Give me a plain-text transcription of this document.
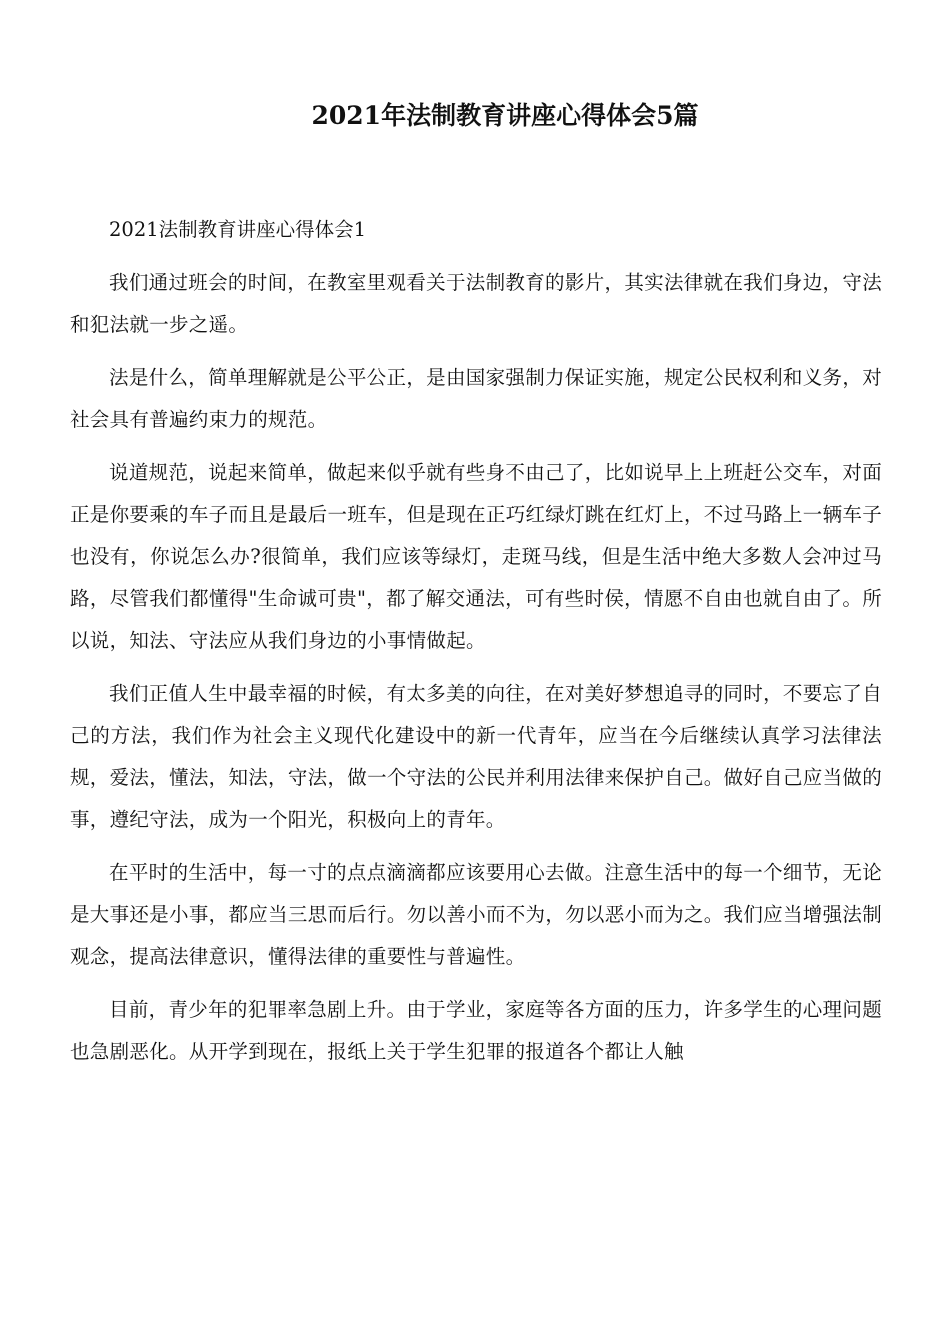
2021年法制教育讲座心得体会5篇

2021法制教育讲座心得体会1

我们通过班会的时间，在教室里观看关于法制教育的影片，其实法律就在我们身边，守法和犯法就一步之遥。

法是什么，简单理解就是公平公正，是由国家强制力保证实施，规定公民权利和义务，对社会具有普遍约束力的规范。

说道规范，说起来简单，做起来似乎就有些身不由己了，比如说早上上班赶公交车，对面正是你要乘的车子而且是最后一班车，但是现在正巧红绿灯跳在红灯上，不过马路上一辆车子也没有，你说怎么办?很简单，我们应该等绿灯，走斑马线，但是生活中绝大多数人会冲过马路，尽管我们都懂得"生命诚可贵"，都了解交通法，可有些时侯，情愿不自由也就自由了。所以说，知法、守法应从我们身边的小事情做起。

我们正值人生中最幸福的时候，有太多美的向往，在对美好梦想追寻的同时，不要忘了自己的方法，我们作为社会主义现代化建设中的新一代青年，应当在今后继续认真学习法律法规，爱法，懂法，知法，守法，做一个守法的公民并利用法律来保护自己。做好自己应当做的事，遵纪守法，成为一个阳光，积极向上的青年。

在平时的生活中，每一寸的点点滴滴都应该要用心去做。注意生活中的每一个细节，无论是大事还是小事，都应当三思而后行。勿以善小而不为，勿以恶小而为之。我们应当增强法制观念，提高法律意识，懂得法律的重要性与普遍性。

目前，青少年的犯罪率急剧上升。由于学业，家庭等各方面的压力，许多学生的心理问题也急剧恶化。从开学到现在，报纸上关于学生犯罪的报道各个都让人触
